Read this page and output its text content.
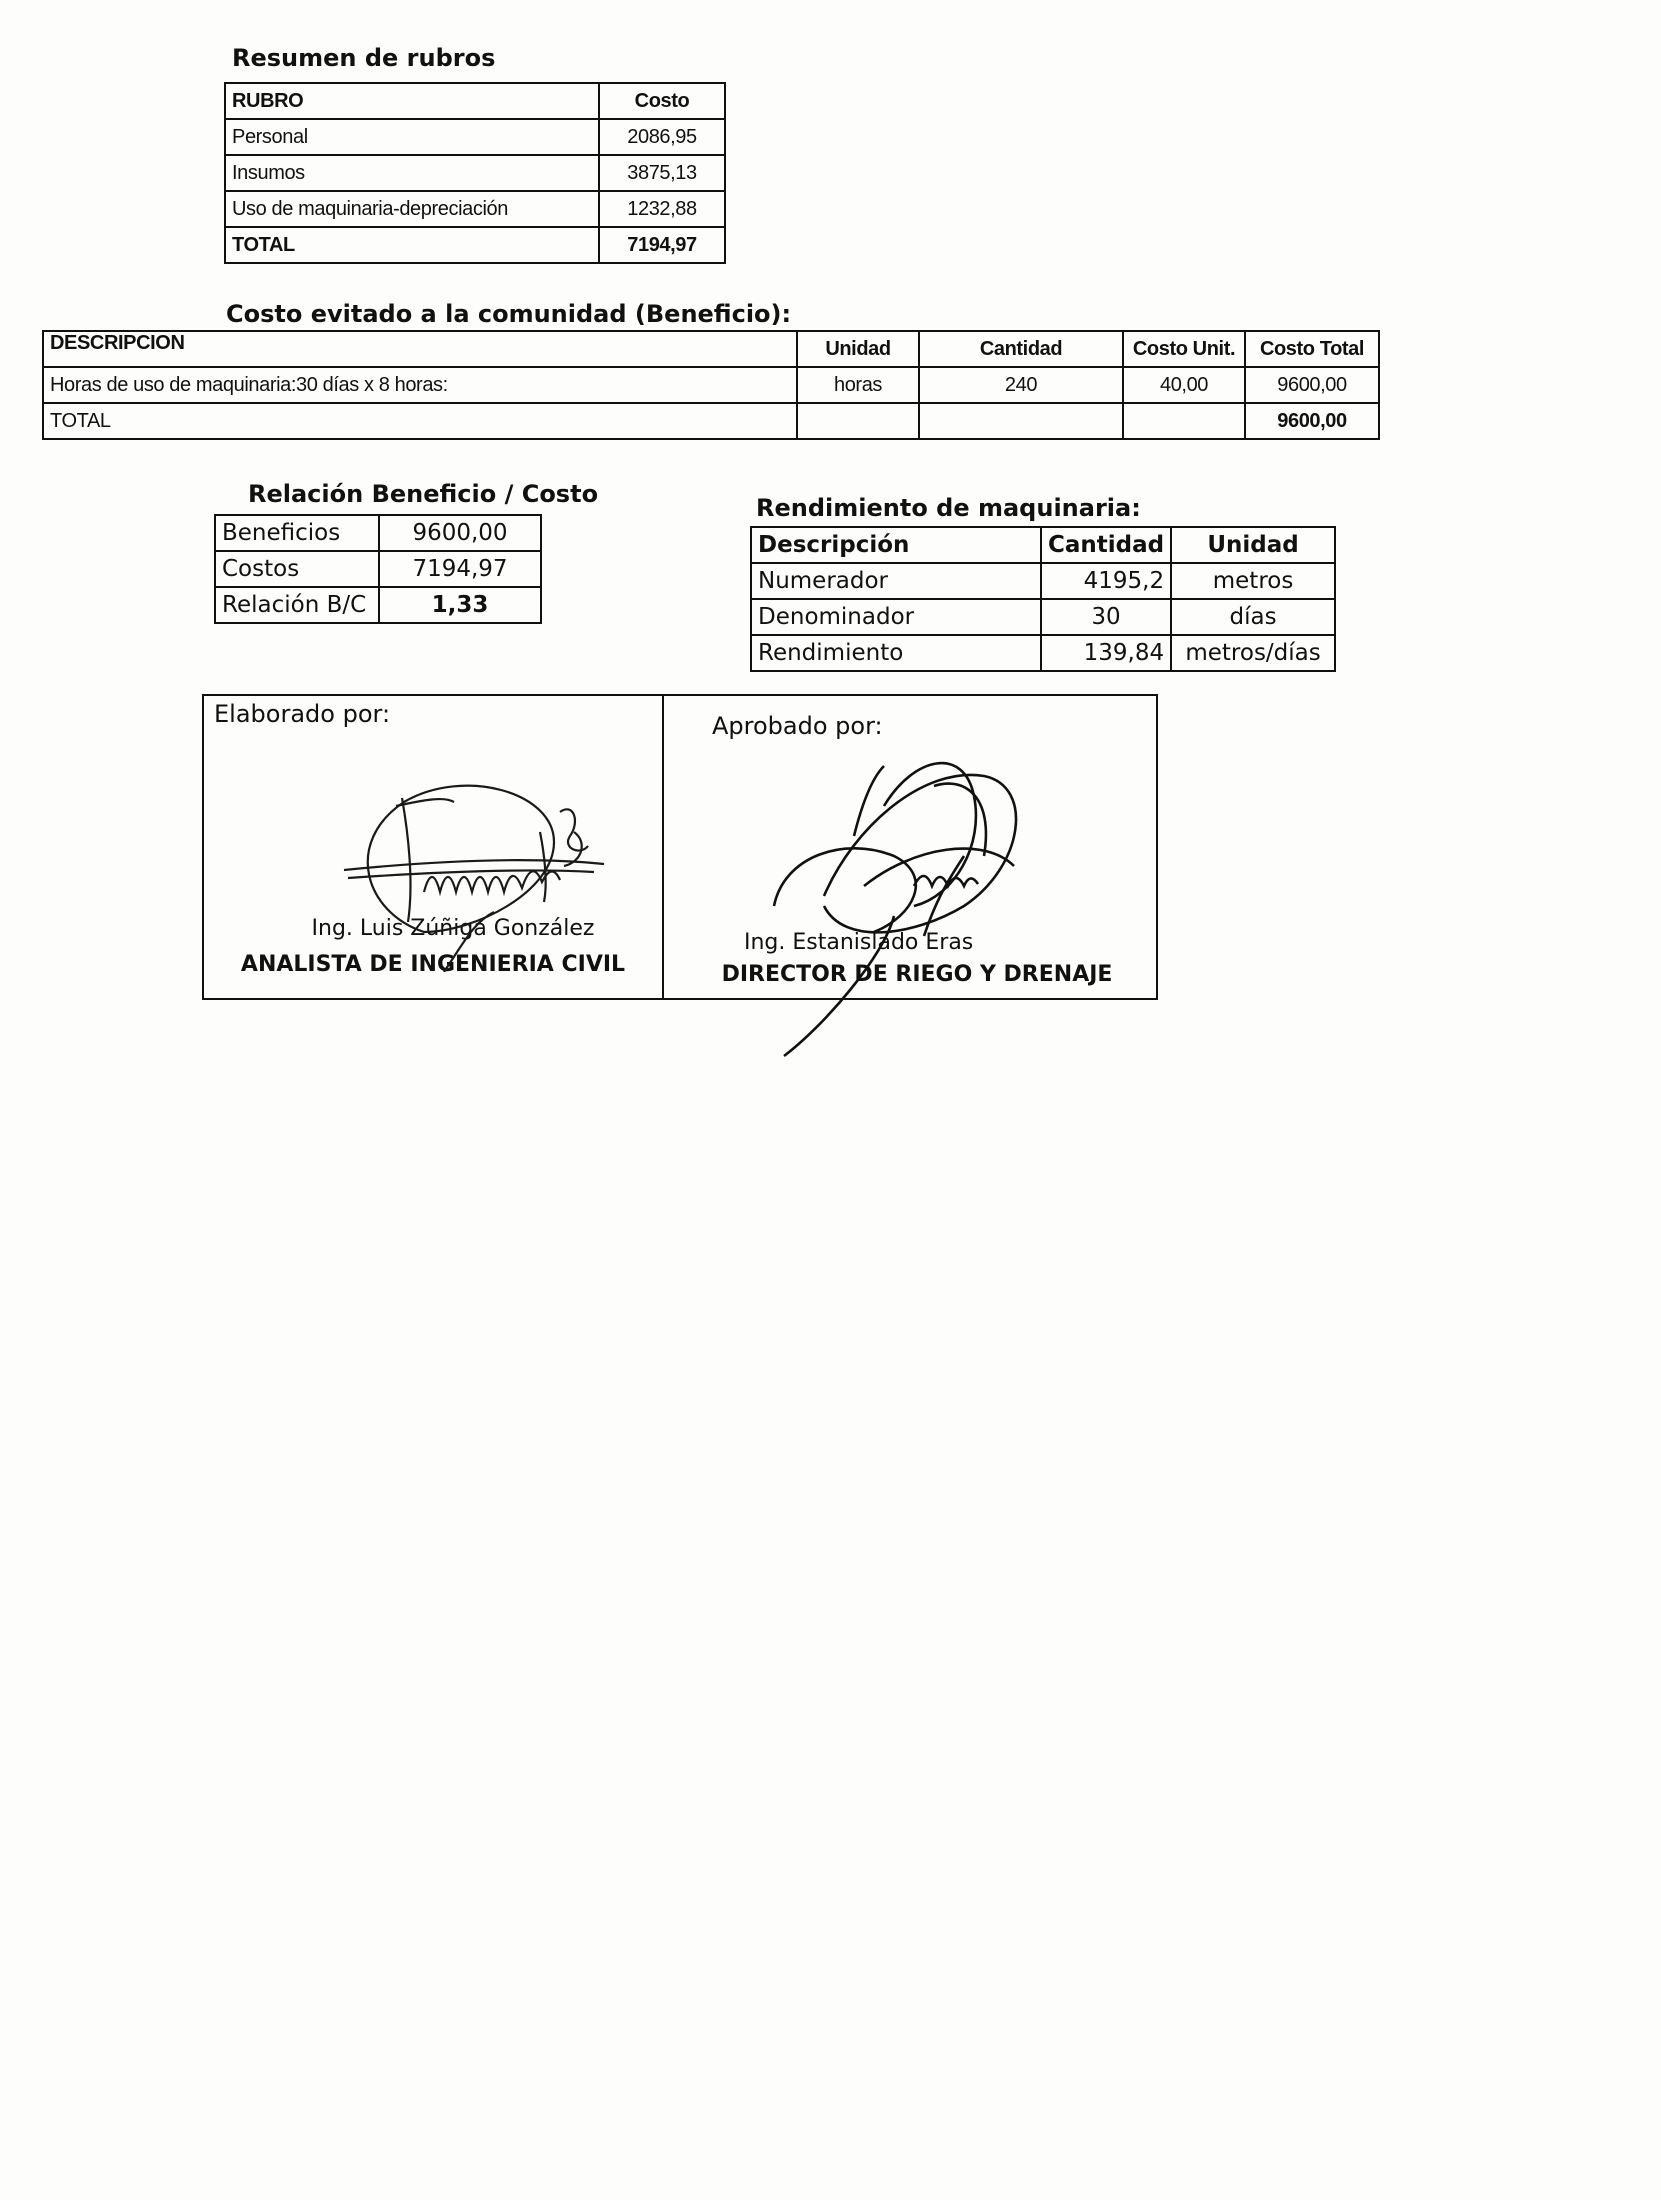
Resumen de rubros
RUBRO	Costo
Personal	2086,95
Insumos	3875,13
Uso de maquinaria-depreciación	1232,88
TOTAL	7194,97
Costo evitado a la comunidad (Beneficio):
DESCRIPCION	Unidad	Cantidad	Costo Unit.	Costo Total
Horas de uso de maquinaria:30 días x 8 horas:	horas	240	40,00	9600,00
TOTAL				9600,00
Relación Beneficio / Costo
Beneficios	9600,00
Costos	7194,97
Relación B/C	1,33
Rendimiento de maquinaria:
Descripción	Cantidad	Unidad
Numerador	4195,2	metros
Denominador	30	días
Rendimiento	139,84	metros/días
Elaborado por:
Ing. Luis Zúñiga González
ANALISTA DE INGENIERIA CIVIL
Aprobado por:
Ing. Estanislado Eras
DIRECTOR DE RIEGO Y DRENAJE
